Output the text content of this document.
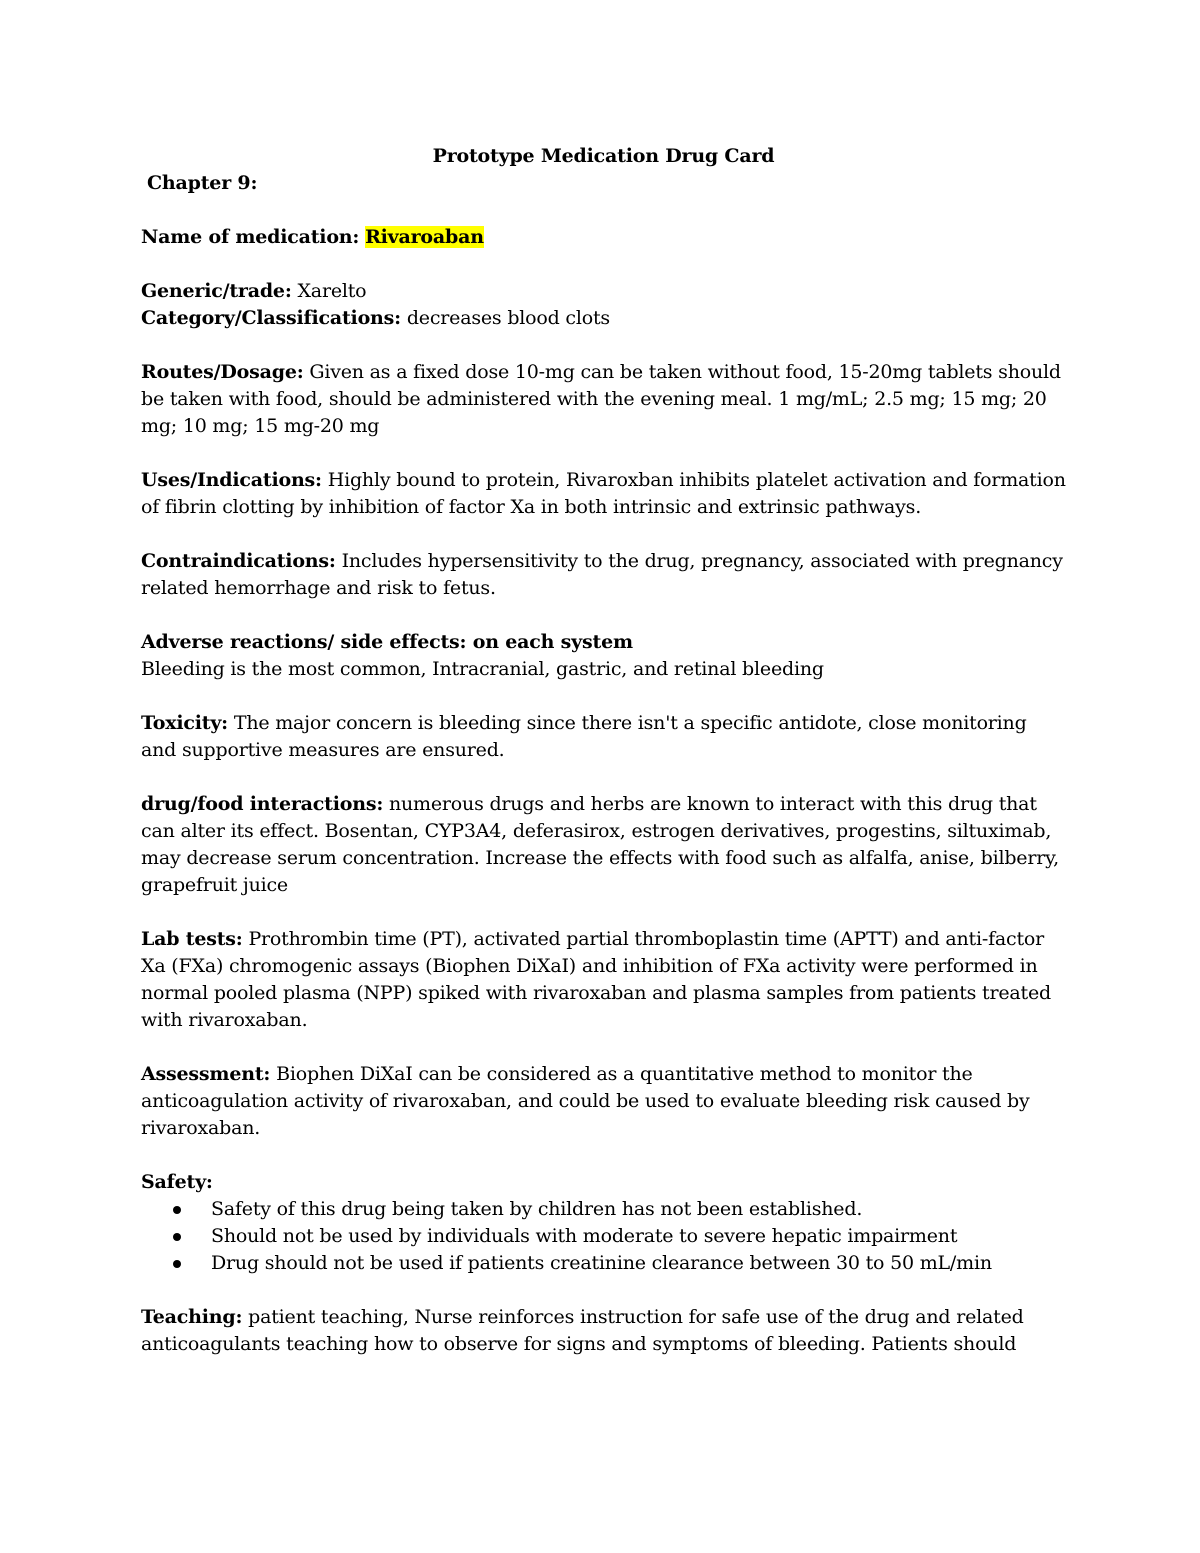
Prototype Medication Drug Card

Chapter 9:

Name of medication: Rivaroaban

Generic/trade: Xarelto

Category/Classifications: decreases blood clots

Routes/Dosage: Given as a fixed dose 10-mg can be taken without food, 15-20mg tablets should be taken with food, should be administered with the evening meal. 1 mg/mL; 2.5 mg; 15 mg; 20 mg; 10 mg; 15 mg-20 mg

Uses/Indications: Highly bound to protein, Rivaroxban inhibits platelet activation and formation of fibrin clotting by inhibition of factor Xa in both intrinsic and extrinsic pathways.

Contraindications: Includes hypersensitivity to the drug, pregnancy, associated with pregnancy related hemorrhage and risk to fetus.

Adverse reactions/ side effects: on each system

Bleeding is the most common, Intracranial, gastric, and retinal bleeding

Toxicity: The major concern is bleeding since there isn't a specific antidote, close monitoring and supportive measures are ensured.

drug/food interactions: numerous drugs and herbs are known to interact with this drug that can alter its effect. Bosentan, CYP3A4, deferasirox, estrogen derivatives, progestins, siltuximab, may decrease serum concentration. Increase the effects with food such as alfalfa, anise, bilberry, grapefruit juice

Lab tests: Prothrombin time (PT), activated partial thromboplastin time (APTT) and anti-factor Xa (FXa) chromogenic assays (Biophen DiXaI) and inhibition of FXa activity were performed in normal pooled plasma (NPP) spiked with rivaroxaban and plasma samples from patients treated with rivaroxaban.

Assessment: Biophen DiXaI can be considered as a quantitative method to monitor the anticoagulation activity of rivaroxaban, and could be used to evaluate bleeding risk caused by rivaroxaban.

Safety:

Safety of this drug being taken by children has not been established.
Should not be used by individuals with moderate to severe hepatic impairment
Drug should not be used if patients creatinine clearance between 30 to 50 mL/min

Teaching: patient teaching, Nurse reinforces instruction for safe use of the drug and related anticoagulants teaching how to observe for signs and symptoms of bleeding. Patients should
